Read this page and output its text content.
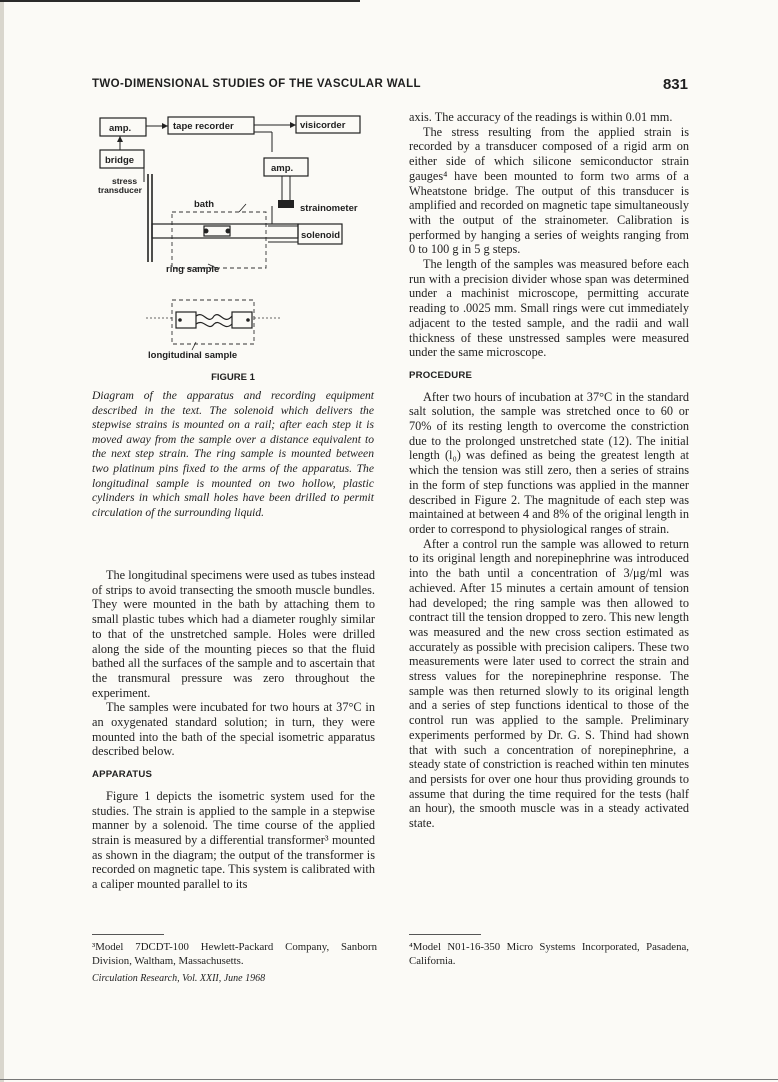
TWO-DIMENSIONAL STUDIES OF THE VASCULAR WALL	831
amp.	tape recorder	visicorder
bridge
stress
transducer
amp.
strainometer
bath
solenoid
ring sample
longitudinal sample
FIGURE 1
Diagram of the apparatus and recording equipment described in the text. The solenoid which delivers the stepwise strains is mounted on a rail; after each step it is moved away from the sample over a distance equivalent to the next step strain. The ring sample is mounted between two platinum pins fixed to the arms of the apparatus. The longitudinal sample is mounted on two hollow, plastic cylinders in which small holes have been drilled to permit circulation of the surrounding liquid.

The longitudinal specimens were used as tubes instead of strips to avoid transecting the smooth muscle bundles. They were mounted in the bath by attaching them to small plastic tubes which had a diameter roughly similar to that of the unstretched sample. Holes were drilled along the side of the mounting pieces so that the fluid bathed all the surfaces of the sample and to ascertain that the transmural pressure was zero throughout the experiment.

The samples were incubated for two hours at 37°C in an oxygenated standard solution; in turn, they were mounted into the bath of the special isometric apparatus described below.

APPARATUS

Figure 1 depicts the isometric system used for the studies. The strain is applied to the sample in a stepwise manner by a solenoid. The time course of the applied strain is measured by a differential transformer³ mounted as shown in the diagram; the output of the transformer is recorded on magnetic tape. This system is calibrated with a caliper mounted parallel to its

axis. The accuracy of the readings is within 0.01 mm.

The stress resulting from the applied strain is recorded by a transducer composed of a rigid arm on either side of which silicone semiconductor strain gauges⁴ have been mounted to form two arms of a Wheatstone bridge. The output of this transducer is amplified and recorded on magnetic tape simultaneously with the output of the strainometer. Calibration is performed by hanging a series of weights ranging from 0 to 100 g in 5 g steps.

The length of the samples was measured before each run with a precision divider whose span was determined under a machinist microscope, permitting accurate reading to .0025 mm. Small rings were cut immediately adjacent to the tested sample, and the radii and wall thickness of these unstressed samples were measured under the same microscope.

PROCEDURE

After two hours of incubation at 37°C in the standard salt solution, the sample was stretched once to 60 or 70% of its resting length to overcome the constriction due to the prolonged unstretched state (12). The initial length (l₀) was defined as being the greatest length at which the tension was still zero, then a series of strains in the form of step functions was applied in the manner described in Figure 2. The magnitude of each step was maintained at between 4 and 8% of the original length in order to correspond to physiological ranges of strain.

After a control run the sample was allowed to return to its original length and norepinephrine was introduced into the bath until a concentration of 3/μg/ml was achieved. After 15 minutes a certain amount of tension had developed; the ring sample was then allowed to contract till the tension dropped to zero. This new length was measured and the new cross section estimated as accurately as possible with precision calipers. These two measurements were later used to correct the strain and stress values for the norepinephrine response. The sample was then returned slowly to its original length and a series of step functions identical to those of the control run was applied to the sample. Preliminary experiments performed by Dr. G. S. Thind had shown that with such a concentration of norepinephrine, a steady state of constriction is reached within ten minutes and persists for over one hour thus providing grounds to assume that during the time required for the tests (half an hour), the smooth muscle was in a steady activated state.

³Model 7DCDT-100 Hewlett-Packard Company, Sanborn Division, Waltham, Massachusetts.
⁴Model N01-16-350 Micro Systems Incorporated, Pasadena, California.
Circulation Research, Vol. XXII, June 1968
